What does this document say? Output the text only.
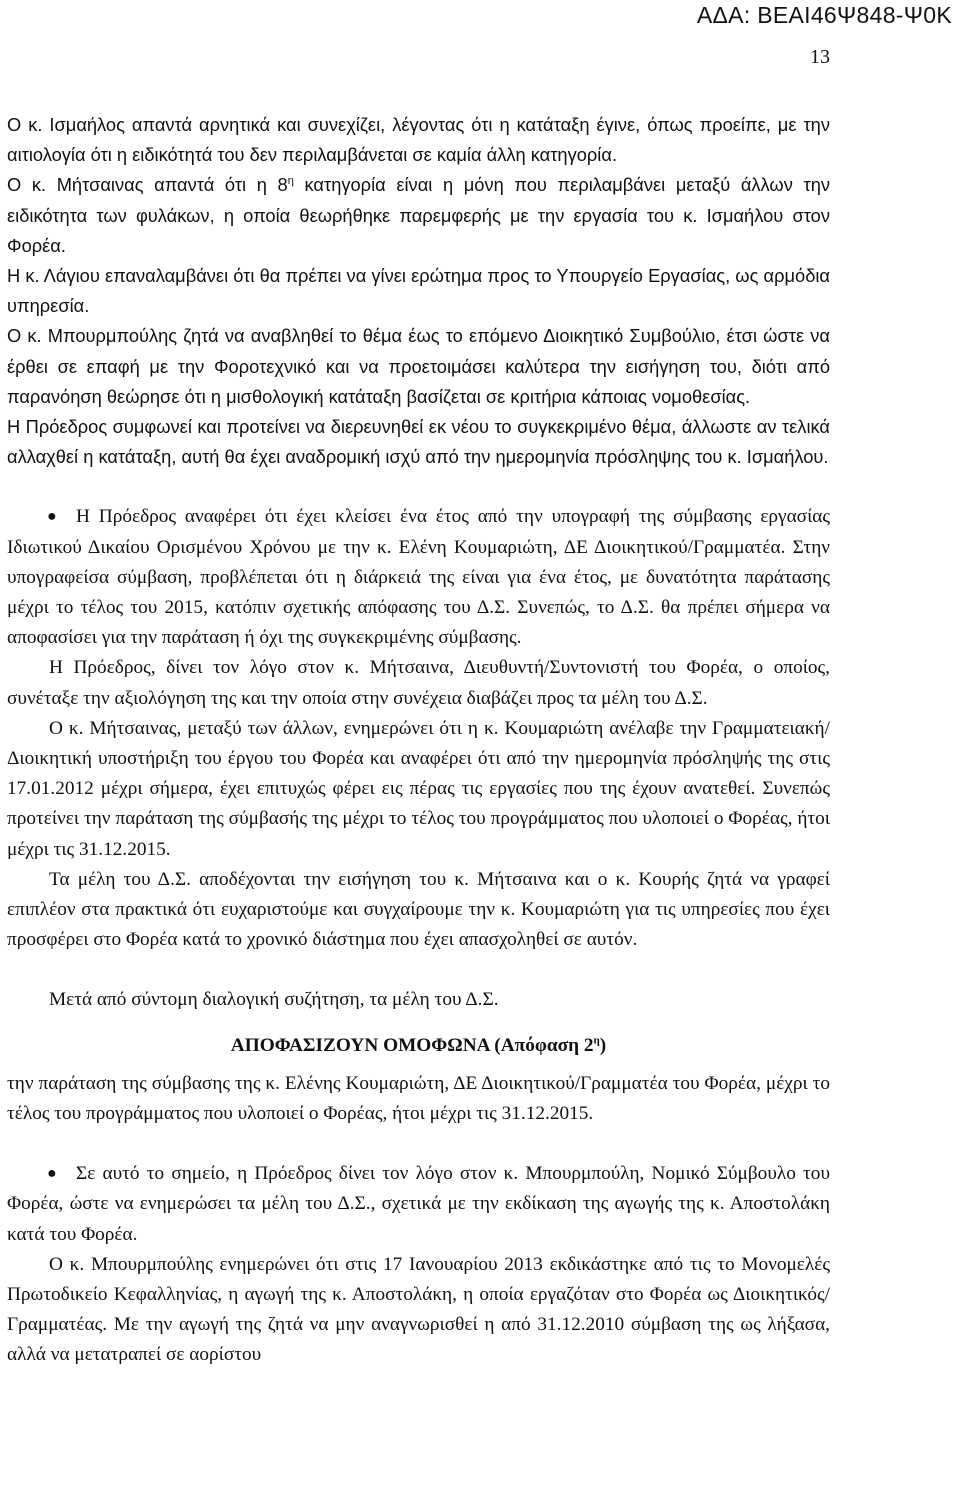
ΑΔΑ: ΒΕΑΙ46Ψ848-Ψ0Κ
13

Ο κ. Ισμαήλος απαντά αρνητικά και συνεχίζει, λέγοντας ότι η κατάταξη έγινε, όπως προείπε, με την αιτιολογία ότι η ειδικότητά του δεν περιλαμβάνεται σε καμία άλλη κατηγορία.

Ο κ. Μήτσαινας απαντά ότι η $8^\eta$ κατηγορία είναι η μόνη που περιλαμβάνει μεταξύ άλλων την ειδικότητα των φυλάκων, η οποία θεωρήθηκε παρεμφερής με την εργασία του κ. Ισμαήλου στον Φορέα.

Η κ. Λάγιου επαναλαμβάνει ότι θα πρέπει να γίνει ερώτημα προς το Υπουργείο Εργασίας, ως αρμόδια υπηρεσία.

Ο κ. Μπουρμπούλης ζητά να αναβληθεί το θέμα έως το επόμενο Διοικητικό Συμβούλιο, έτσι ώστε να έρθει σε επαφή με την Φοροτεχνικό και να προετοιμάσει καλύτερα την εισήγηση του, διότι από παρανόηση θεώρησε ότι η μισθολογική κατάταξη βασίζεται σε κριτήρια κάποιας νομοθεσίας.

Η Πρόεδρος συμφωνεί και προτείνει να διερευνηθεί εκ νέου το συγκεκριμένο θέμα, άλλωστε αν τελικά αλλαχθεί η κατάταξη, αυτή θα έχει αναδρομική ισχύ από την ημερομηνία πρόσληψης του κ. Ισμαήλου.

● Η Πρόεδρος αναφέρει ότι έχει κλείσει ένα έτος από την υπογραφή της σύμβασης εργασίας Ιδιωτικού Δικαίου Ορισμένου Χρόνου με την κ. Ελένη Κουμαριώτη, ΔΕ Διοικητικού/Γραμματέα. Στην υπογραφείσα σύμβαση, προβλέπεται ότι η διάρκειά της είναι για ένα έτος, με δυνατότητα παράτασης μέχρι το τέλος του 2015, κατόπιν σχετικής απόφασης του Δ.Σ. Συνεπώς, το Δ.Σ. θα πρέπει σήμερα να αποφασίσει για την παράταση ή όχι της συγκεκριμένης σύμβασης.

Η Πρόεδρος, δίνει τον λόγο στον κ. Μήτσαινα, Διευθυντή/Συντονιστή του Φορέα, ο οποίος, συνέταξε την αξιολόγηση της και την οποία στην συνέχεια διαβάζει προς τα μέλη του Δ.Σ.

Ο κ. Μήτσαινας, μεταξύ των άλλων, ενημερώνει ότι η κ. Κουμαριώτη ανέλαβε την Γραμματειακή/Διοικητική υποστήριξη του έργου του Φορέα και αναφέρει ότι από την ημερομηνία πρόσληψής της στις 17.01.2012 μέχρι σήμερα, έχει επιτυχώς φέρει εις πέρας τις εργασίες που της έχουν ανατεθεί. Συνεπώς προτείνει την παράταση της σύμβασής της μέχρι το τέλος του προγράμματος που υλοποιεί ο Φορέας, ήτοι μέχρι τις 31.12.2015.

Τα μέλη του Δ.Σ. αποδέχονται την εισήγηση του κ. Μήτσαινα και ο κ. Κουρής ζητά να γραφεί επιπλέον στα πρακτικά ότι ευχαριστούμε και συγχαίρουμε την κ. Κουμαριώτη για τις υπηρεσίες που έχει προσφέρει στο Φορέα κατά το χρονικό διάστημα που έχει απασχοληθεί σε αυτόν.

Μετά από σύντομη διαλογική συζήτηση, τα μέλη του Δ.Σ.

ΑΠΟΦΑΣΙΖΟΥΝ ΟΜΟΦΩΝΑ (Απόφαση $2^\eta$)

την παράταση της σύμβασης της κ. Ελένης Κουμαριώτη, ΔΕ Διοικητικού/Γραμματέα του Φορέα, μέχρι το τέλος του προγράμματος που υλοποιεί ο Φορέας, ήτοι μέχρι τις 31.12.2015.

● Σε αυτό το σημείο, η Πρόεδρος δίνει τον λόγο στον κ. Μπουρμπούλη, Νομικό Σύμβουλο του Φορέα, ώστε να ενημερώσει τα μέλη του Δ.Σ., σχετικά με την εκδίκαση της αγωγής της κ. Αποστολάκη κατά του Φορέα.

Ο κ. Μπουρμπούλης ενημερώνει ότι στις 17 Ιανουαρίου 2013 εκδικάστηκε από τις το Μονομελές Πρωτοδικείο Κεφαλληνίας, η αγωγή της κ. Αποστολάκη, η οποία εργαζόταν στο Φορέα ως Διοικητικός/Γραμματέας. Με την αγωγή της ζητά να μην αναγνωρισθεί η από 31.12.2010 σύμβαση της ως λήξασα, αλλά να μετατραπεί σε αορίστου
